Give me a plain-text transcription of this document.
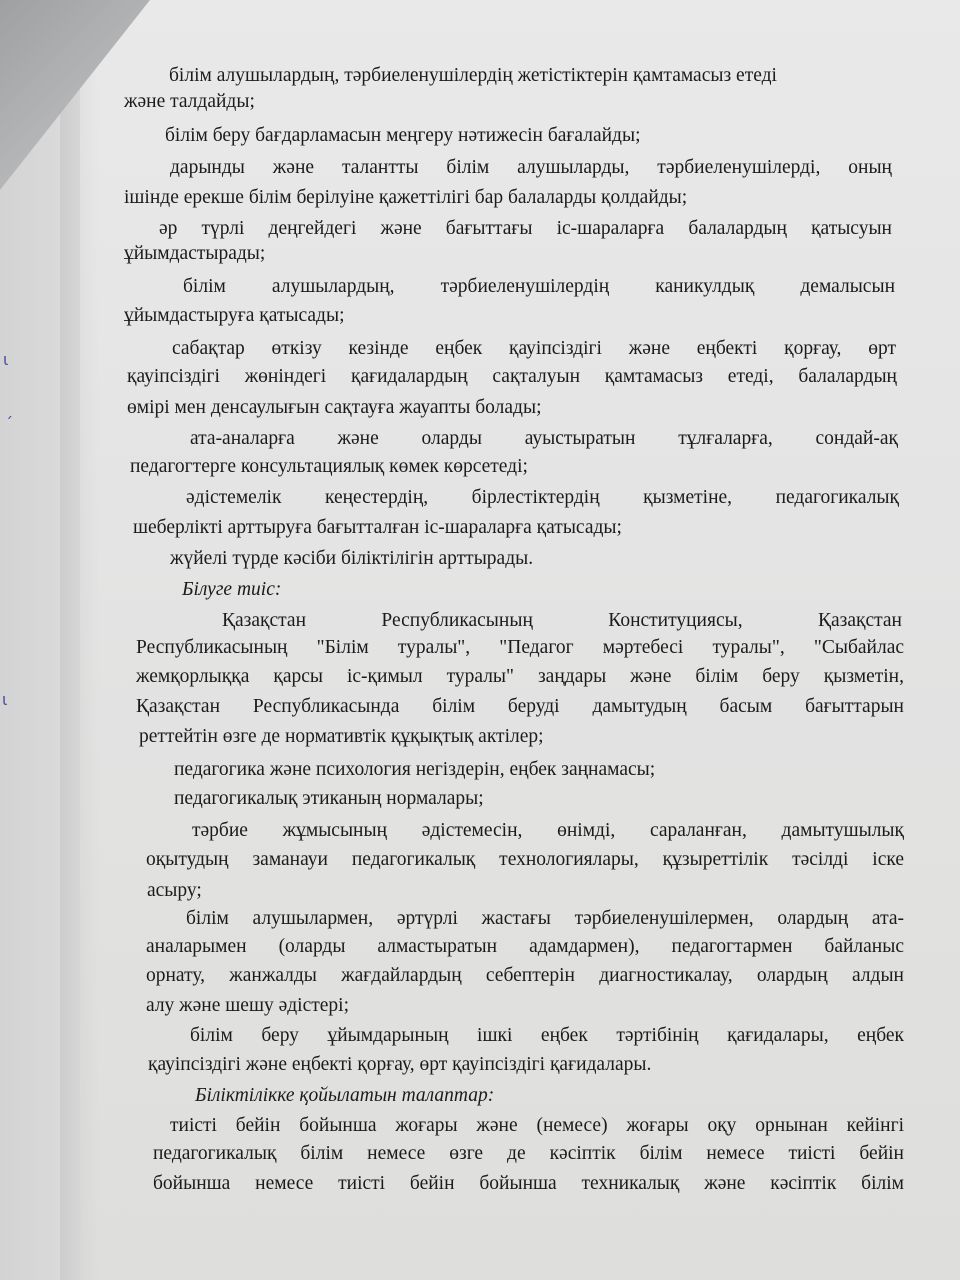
ɩ
ˏ
ɩ
білім алушылардың, тәрбиеленушілердің жетістіктерін қамтамасыз етеді
және талдайды;
білім беру бағдарламасын меңгеру нәтижесін бағалайды;
дарынды және талантты білім алушыларды, тәрбиеленушілерді, оның
ішінде ерекше білім берілуіне қажеттілігі бар балаларды қолдайды;
әр түрлі деңгейдегі және бағыттағы іс-шараларға балалардың қатысуын
ұйымдастырады;
білім алушылардың, тәрбиеленушілердің каникулдық демалысын
ұйымдастыруға қатысады;
сабақтар өткізу кезінде еңбек қауіпсіздігі және еңбекті қорғау, өрт
қауіпсіздігі жөніндегі қағидалардың сақталуын қамтамасыз етеді, балалардың
өмірі мен денсаулығын сақтауға жауапты болады;
ата-аналарға және оларды ауыстыратын тұлғаларға, сондай-ақ
педагогтерге консультациялық көмек көрсетеді;
әдістемелік кеңестердің, бірлестіктердің қызметіне, педагогикалық
шеберлікті арттыруға бағытталған іс-шараларға қатысады;
жүйелі түрде кәсіби біліктілігін арттырады.
Білуге тиіс:
Қазақстан Республикасының Конституциясы, Қазақстан
Республикасының "Білім туралы", "Педагог мәртебесі туралы", "Сыбайлас
жемқорлыққа қарсы іс-қимыл туралы" заңдары және білім беру қызметін,
Қазақстан Республикасында білім беруді дамытудың басым бағыттарын
реттейтін өзге де нормативтік құқықтық актілер;
педагогика және психология негіздерін, еңбек заңнамасы;
педагогикалық этиканың нормалары;
тәрбие жұмысының әдістемесін, өнімді, сараланған, дамытушылық
оқытудың заманауи педагогикалық технологиялары, құзыреттілік тәсілді іске
асыру;
білім алушылармен, әртүрлі жастағы тәрбиеленушілермен, олардың ата-
аналарымен (оларды алмастыратын адамдармен), педагогтармен байланыс
орнату, жанжалды жағдайлардың себептерін диагностикалау, олардың алдын
алу және шешу әдістері;
білім беру ұйымдарының ішкі еңбек тәртібінің қағидалары, еңбек
қауіпсіздігі және еңбекті қорғау, өрт қауіпсіздігі қағидалары.
Біліктілікке қойылатын талаптар:
тиісті бейін бойынша жоғары және (немесе) жоғары оқу орнынан кейінгі
педагогикалық білім немесе өзге де кәсіптік білім немесе тиісті бейін
бойынша немесе тиісті бейін бойынша техникалық және кәсіптік білім
